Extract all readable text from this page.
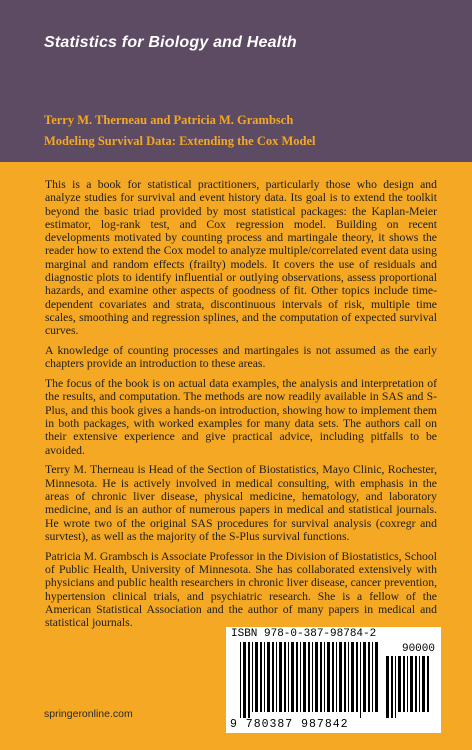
Statistics for Biology and Health
Terry M. Therneau and Patricia M. Grambsch
Modeling Survival Data: Extending the Cox Model

This is a book for statistical practitioners, particularly those who design and analyze studies for survival and event history data. Its goal is to extend the toolkit beyond the basic triad provided by most statistical packages: the Kaplan-Meier estimator, log-rank test, and Cox regression model. Building on recent developments motivated by counting process and martingale theory, it shows the reader how to extend the Cox model to analyze multiple/correlated event data using marginal and random effects (frailty) models. It covers the use of residuals and diagnostic plots to identify influential or outlying observations, assess proportional hazards, and examine other aspects of goodness of fit. Other topics include time-dependent covariates and strata, discontinuous intervals of risk, multiple time scales, smoothing and regression splines, and the computation of expected survival curves.

A knowledge of counting processes and martingales is not assumed as the early chapters provide an introduction to these areas.

The focus of the book is on actual data examples, the analysis and interpretation of the results, and computation. The methods are now readily available in SAS and S-Plus, and this book gives a hands-on introduction, showing how to implement them in both packages, with worked examples for many data sets. The authors call on their extensive experience and give practical advice, including pitfalls to be avoided.

Terry M. Therneau is Head of the Section of Biostatistics, Mayo Clinic, Rochester, Minnesota. He is actively involved in medical consulting, with emphasis in the areas of chronic liver disease, physical medicine, hematology, and laboratory medicine, and is an author of numerous papers in medical and statistical journals. He wrote two of the original SAS procedures for survival analysis (coxregr and survtest), as well as the majority of the S-Plus survival functions.

Patricia M. Grambsch is Associate Professor in the Division of Biostatistics, School of Public Health, University of Minnesota. She has collaborated extensively with physicians and public health researchers in chronic liver disease, cancer prevention, hypertension clinical trials, and psychiatric research. She is a fellow of the American Statistical Association and the author of many papers in medical and statistical journals.

ISBN 978-0-387-98784-2
90000
9 780387 987842
springeronline.com
